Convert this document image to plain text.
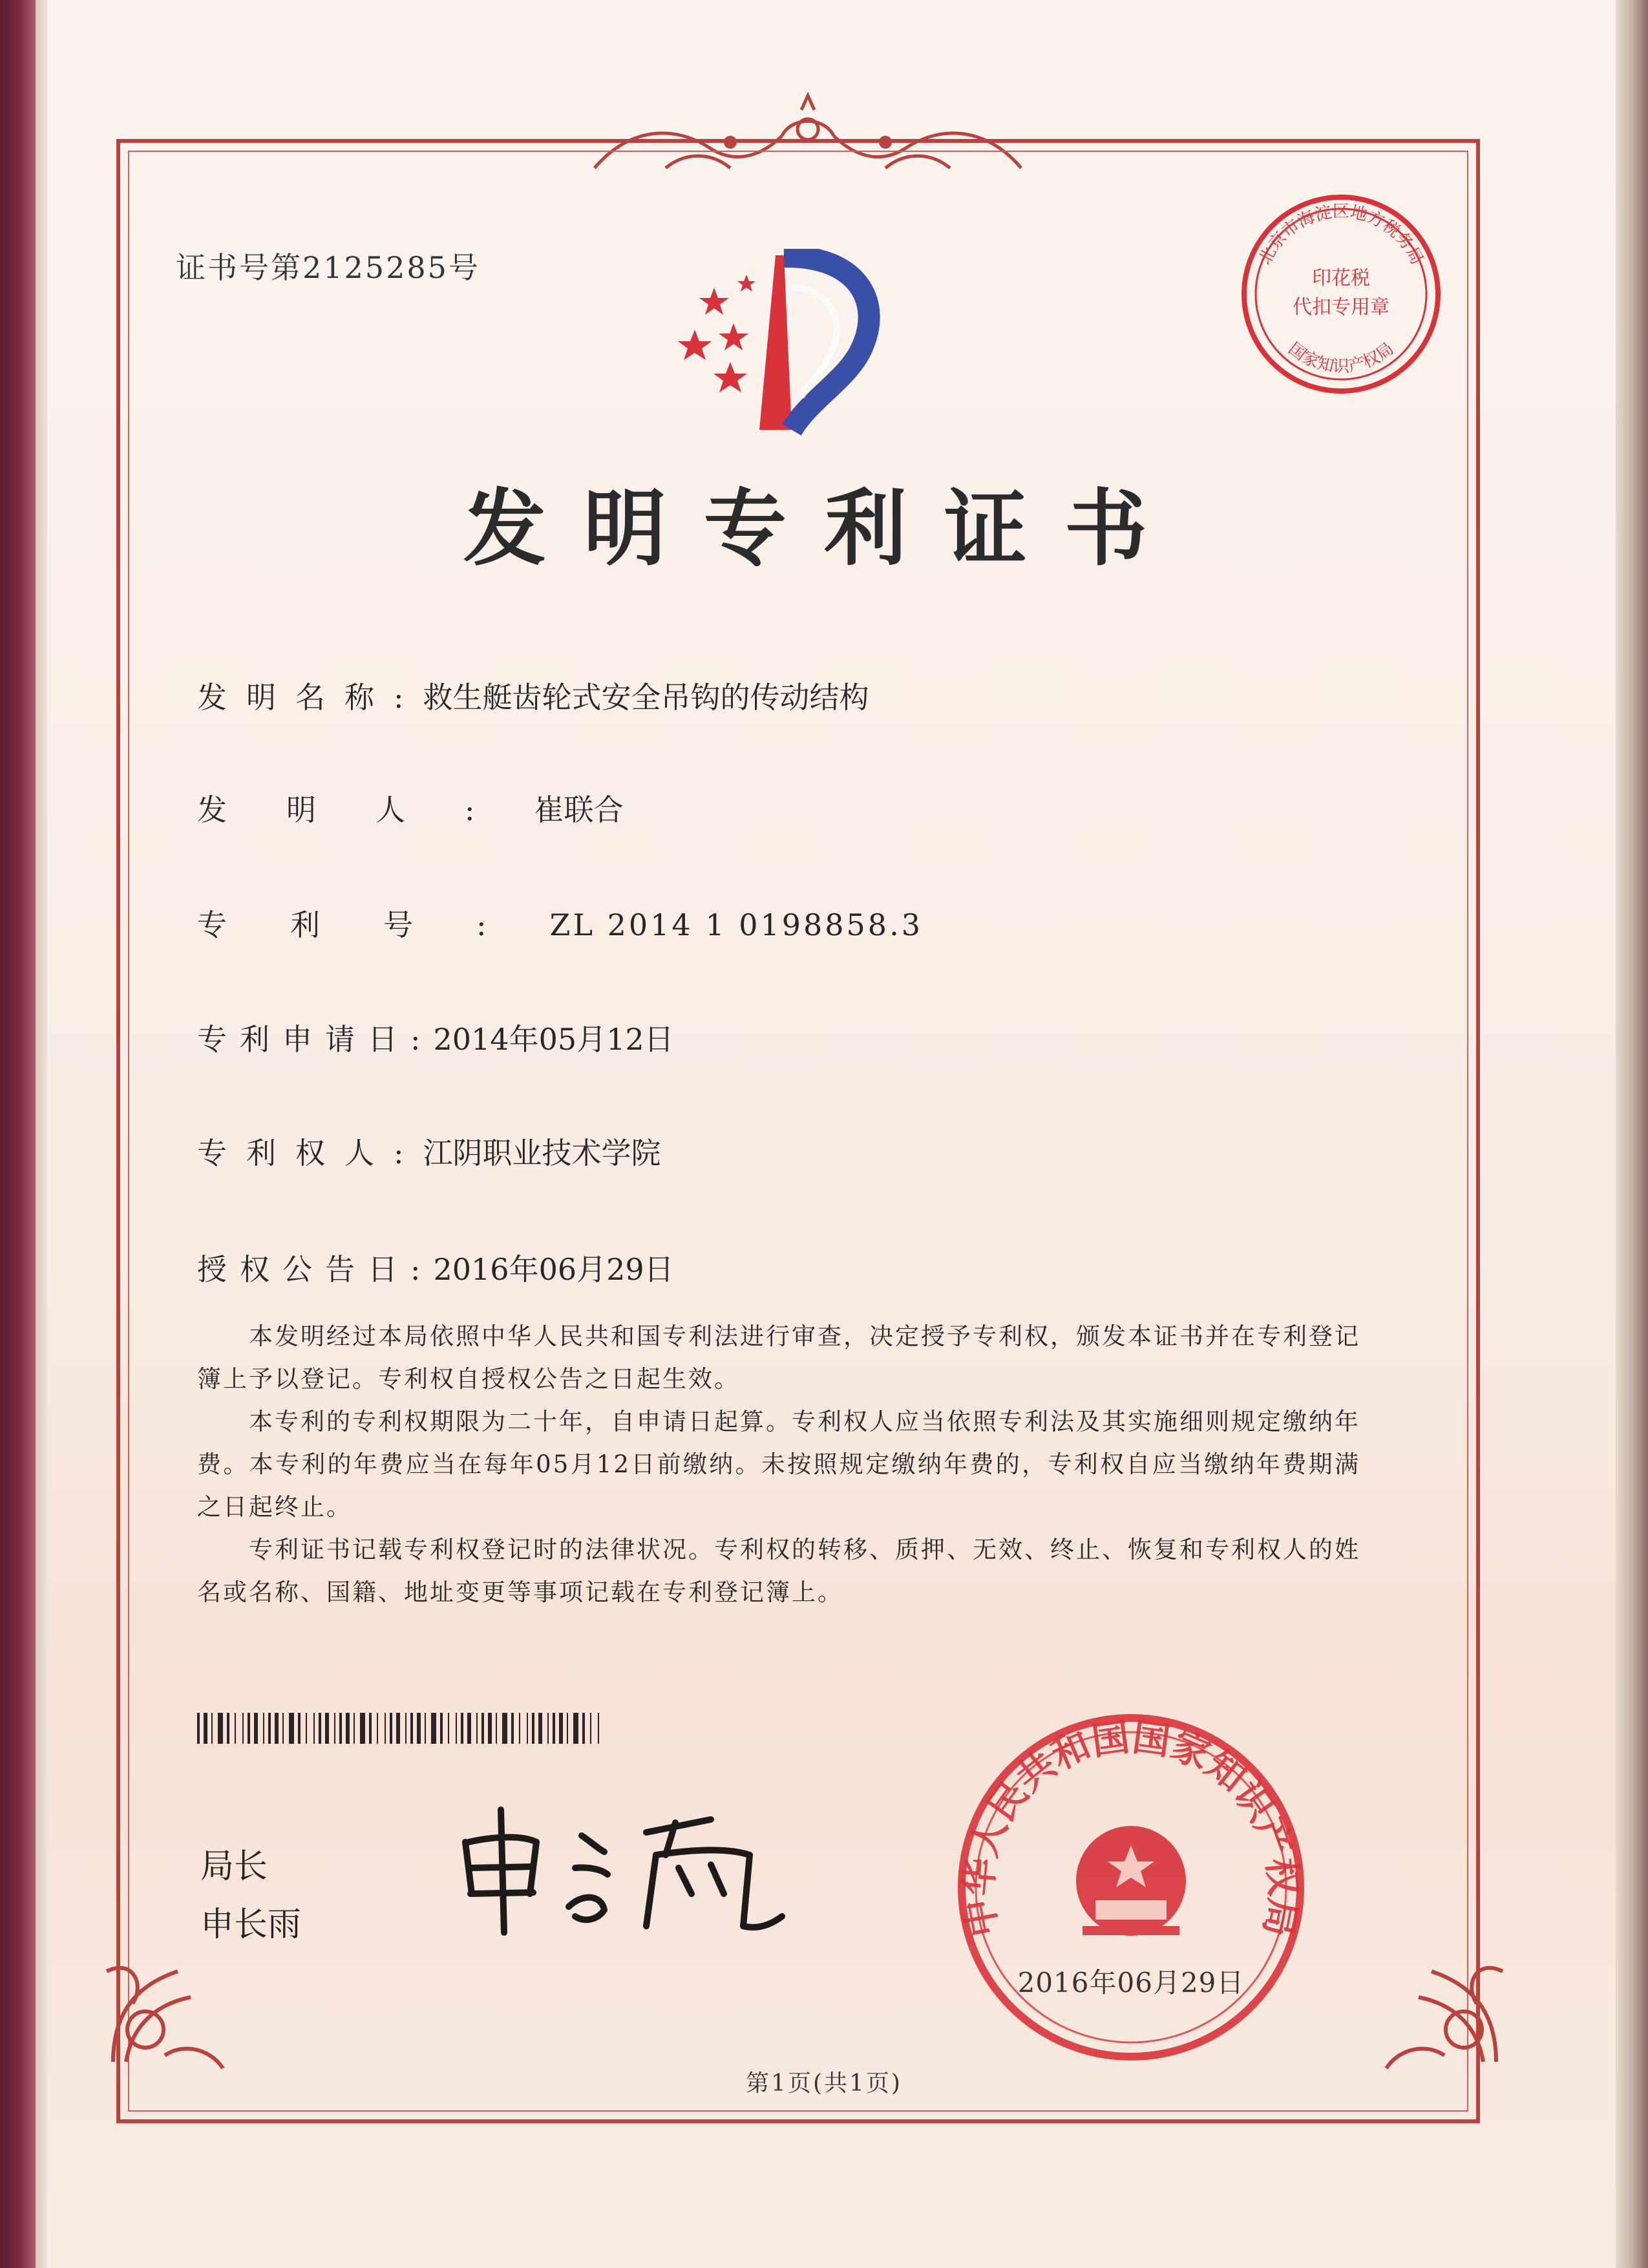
证书号第2125285号	印花税
代扣专用章
北京市海淀区地方税务局
国家知识产权局
发明专利证书
发明名称:救生艇齿轮式安全吊钩的传动结构
发明人:崔联合
专利号:ZL 2014 1 0198858.3
专利申请日:2014年05月12日
专利权人:江阴职业技术学院
授权公告日:2016年06月29日

本发明经过本局依照中华人民共和国专利法进行审查，决定授予专利权，颁发本证书并在专利登记簿上予以登记。专利权自授权公告之日起生效。

本专利的专利权期限为二十年，自申请日起算。专利权人应当依照专利法及其实施细则规定缴纳年费。本专利的年费应当在每年05月12日前缴纳。未按照规定缴纳年费的，专利权自应当缴纳年费期满之日起终止。

专利证书记载专利权登记时的法律状况。专利权的转移、质押、无效、终止、恢复和专利权人的姓名或名称、国籍、地址变更等事项记载在专利登记簿上。

局长
申长雨	中华人民共和国国家知识产权局
2016年06月29日
第1页(共1页)
